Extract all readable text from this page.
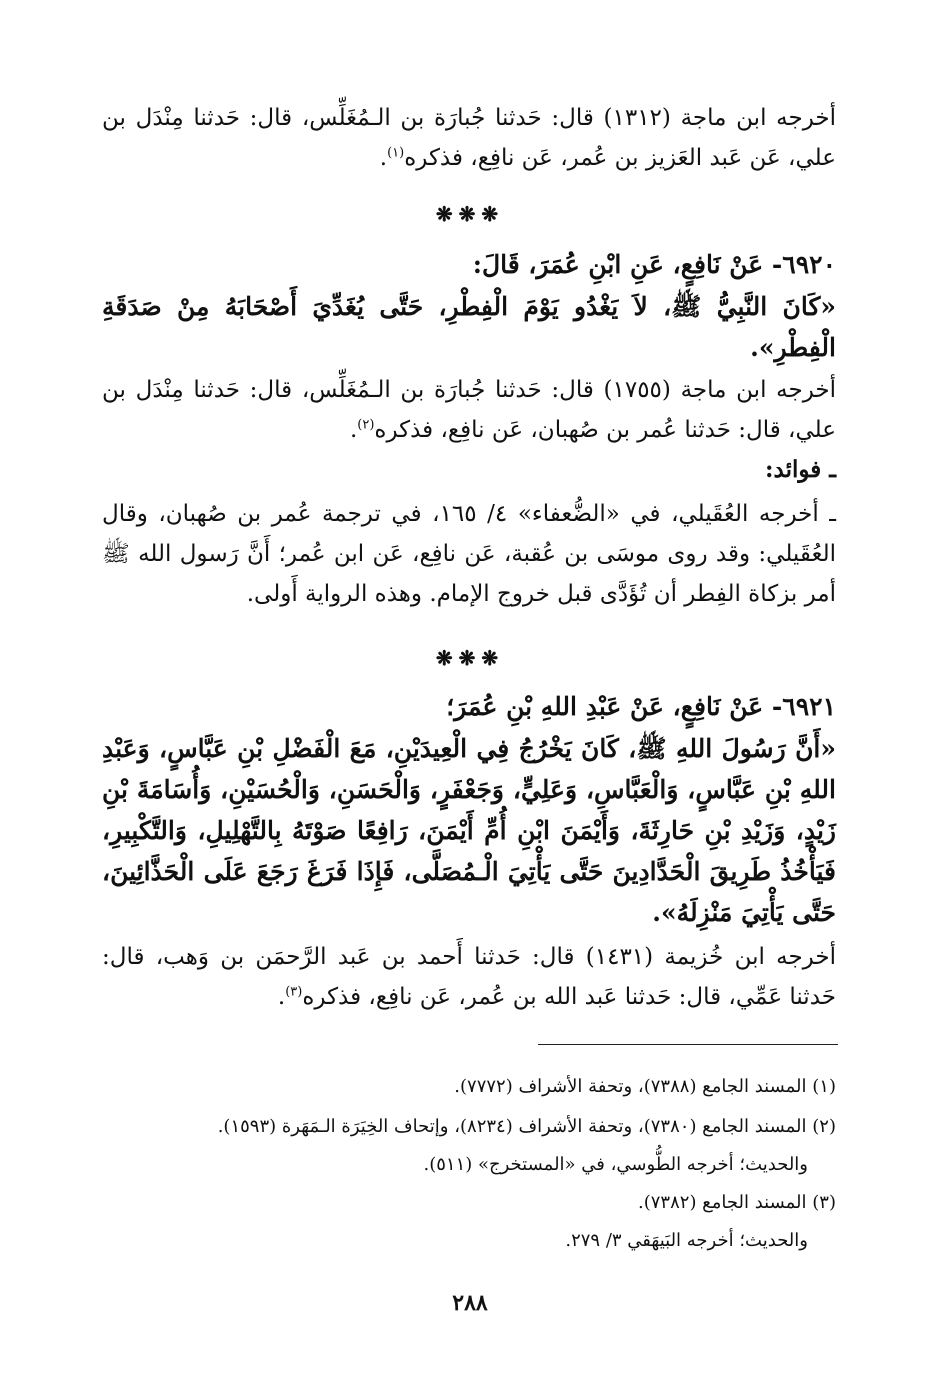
أخرجه ابن ماجة (١٣١٢) قال: حَدثنا جُبارَة بن الـمُغَلِّس، قال: حَدثنا مِنْدَل بن علي، عَن عَبد العَزيز بن عُمر، عَن نافِع، فذكره$^{(١)}$.

❋❋❋

٦٩٢٠- عَنْ نَافِعٍ، عَنِ ابْنِ عُمَرَ، قَالَ:

«كَانَ النَّبِيُّ ﷺ، لاَ يَغْدُو يَوْمَ الْفِطْرِ، حَتَّى يُغَدِّيَ أَصْحَابَهُ مِنْ صَدَقَةِ الْفِطْرِ».

أخرجه ابن ماجة (١٧٥٥) قال: حَدثنا جُبارَة بن الـمُغَلِّس، قال: حَدثنا مِنْدَل بن علي، قال: حَدثنا عُمر بن صُهبان، عَن نافِع، فذكره$^{(٢)}$.

ـ فوائد:

ـ أخرجه العُقَيلي، في «الضُّعفاء» ٤/ ١٦٥، في ترجمة عُمر بن صُهبان، وقال العُقَيلي: وقد روى موسَى بن عُقبة، عَن نافِع، عَن ابن عُمر؛ أَنَّ رَسول الله ﷺ أمر بزكاة الفِطر أن تُؤَدَّى قبل خروج الإمام. وهذه الرواية أَولى.

❋❋❋

٦٩٢١- عَنْ نَافِعٍ، عَنْ عَبْدِ اللهِ بْنِ عُمَرَ؛

«أَنَّ رَسُولَ اللهِ ﷺ، كَانَ يَخْرُجُ فِي الْعِيدَيْنِ، مَعَ الْفَضْلِ بْنِ عَبَّاسٍ، وَعَبْدِ اللهِ بْنِ عَبَّاسٍ، وَالْعَبَّاسِ، وَعَلِيٍّ، وَجَعْفَرٍ، وَالْحَسَنِ، وَالْحُسَيْنِ، وَأُسَامَةَ بْنِ زَيْدٍ، وَزَيْدِ بْنِ حَارِثَةَ، وَأَيْمَنَ ابْنِ أُمِّ أَيْمَنَ، رَافِعًا صَوْتَهُ بِالتَّهْلِيلِ، وَالتَّكْبِيرِ، فَيَأْخُذُ طَرِيقَ الْحَدَّادِينَ حَتَّى يَأْتِيَ الْـمُصَلَّى، فَإِذَا فَرَغَ رَجَعَ عَلَى الْحَذَّائِينَ، حَتَّى يَأْتِيَ مَنْزِلَهُ».

أخرجه ابن خُزيمة (١٤٣١) قال: حَدثنا أَحمد بن عَبد الرَّحمَن بن وَهب، قال: حَدثنا عَمِّي، قال: حَدثنا عَبد الله بن عُمر، عَن نافِع، فذكره$^{(٣)}$.

(١) المسند الجامع (٧٣٨٨)، وتحفة الأشراف (٧٧٧٢).

(٢) المسند الجامع (٧٣٨٠)، وتحفة الأشراف (٨٢٣٤)، وإتحاف الخِيَرَة الـمَهَرة (١٥٩٣).

والحديث؛ أخرجه الطُّوسي، في «المستخرج» (٥١١).

(٣) المسند الجامع (٧٣٨٢).

والحديث؛ أخرجه البَيهَقي ٣/ ٢٧٩.

٢٨٨
